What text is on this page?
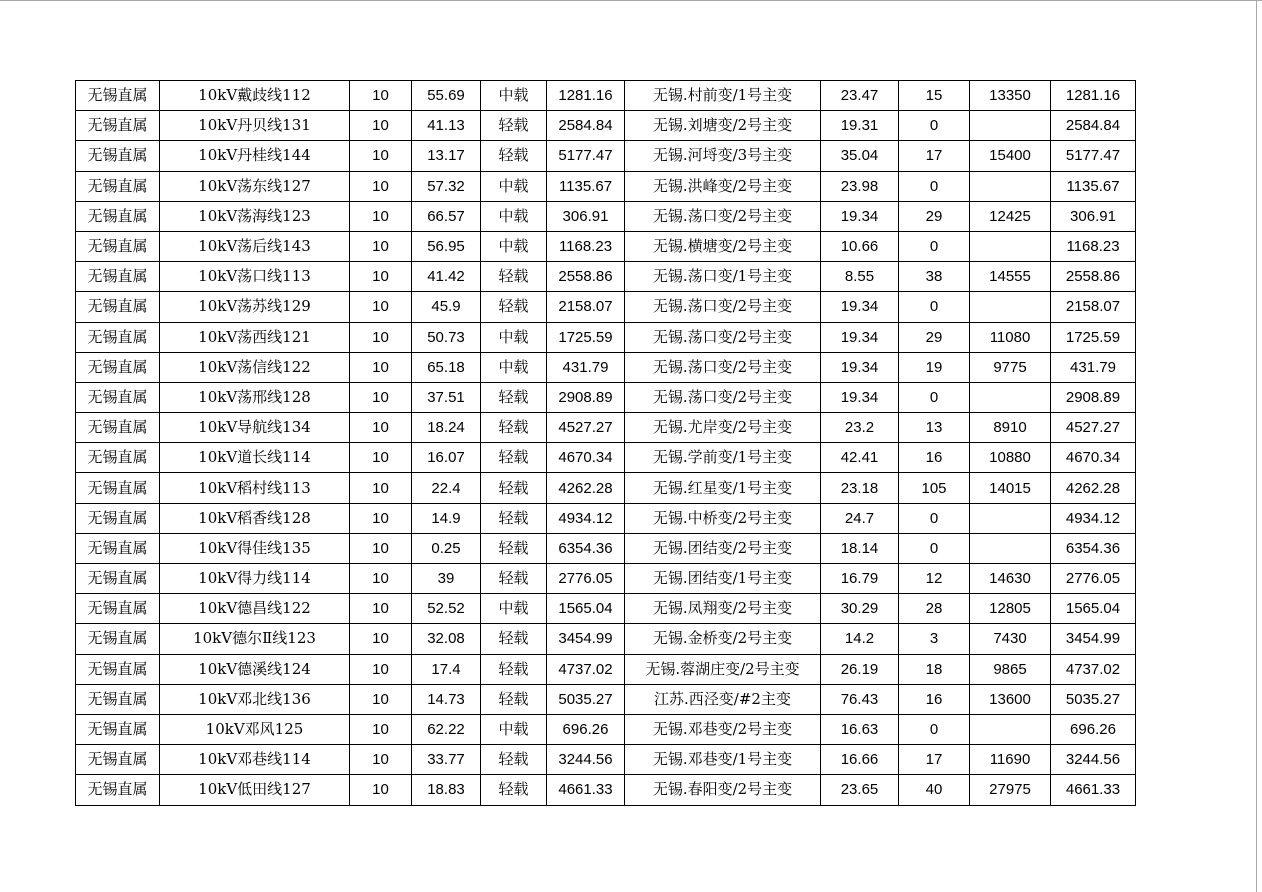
无锡直属	10kV戴歧线112	10	55.69	中载	1281.16	无锡.村前变/1号主变	23.47	15	13350	1281.16
无锡直属	10kV丹贝线131	10	41.13	轻载	2584.84	无锡.刘塘变/2号主变	19.31	0		2584.84
无锡直属	10kV丹桂线144	10	13.17	轻载	5177.47	无锡.河埒变/3号主变	35.04	17	15400	5177.47
无锡直属	10kV荡东线127	10	57.32	中载	1135.67	无锡.洪峰变/2号主变	23.98	0		1135.67
无锡直属	10kV荡海线123	10	66.57	中载	306.91	无锡.荡口变/2号主变	19.34	29	12425	306.91
无锡直属	10kV荡后线143	10	56.95	中载	1168.23	无锡.横塘变/2号主变	10.66	0		1168.23
无锡直属	10kV荡口线113	10	41.42	轻载	2558.86	无锡.荡口变/1号主变	8.55	38	14555	2558.86
无锡直属	10kV荡苏线129	10	45.9	轻载	2158.07	无锡.荡口变/2号主变	19.34	0		2158.07
无锡直属	10kV荡西线121	10	50.73	中载	1725.59	无锡.荡口变/2号主变	19.34	29	11080	1725.59
无锡直属	10kV荡信线122	10	65.18	中载	431.79	无锡.荡口变/2号主变	19.34	19	9775	431.79
无锡直属	10kV荡邢线128	10	37.51	轻载	2908.89	无锡.荡口变/2号主变	19.34	0		2908.89
无锡直属	10kV导航线134	10	18.24	轻载	4527.27	无锡.尤岸变/2号主变	23.2	13	8910	4527.27
无锡直属	10kV道长线114	10	16.07	轻载	4670.34	无锡.学前变/1号主变	42.41	16	10880	4670.34
无锡直属	10kV稻村线113	10	22.4	轻载	4262.28	无锡.红星变/1号主变	23.18	105	14015	4262.28
无锡直属	10kV稻香线128	10	14.9	轻载	4934.12	无锡.中桥变/2号主变	24.7	0		4934.12
无锡直属	10kV得佳线135	10	0.25	轻载	6354.36	无锡.团结变/2号主变	18.14	0		6354.36
无锡直属	10kV得力线114	10	39	轻载	2776.05	无锡.团结变/1号主变	16.79	12	14630	2776.05
无锡直属	10kV德昌线122	10	52.52	中载	1565.04	无锡.凤翔变/2号主变	30.29	28	12805	1565.04
无锡直属	10kV德尔Ⅱ线123	10	32.08	轻载	3454.99	无锡.金桥变/2号主变	14.2	3	7430	3454.99
无锡直属	10kV德溪线124	10	17.4	轻载	4737.02	无锡.蓉湖庄变/2号主变	26.19	18	9865	4737.02
无锡直属	10kV邓北线136	10	14.73	轻载	5035.27	江苏.西泾变/#2主变	76.43	16	13600	5035.27
无锡直属	10kV邓风125	10	62.22	中载	696.26	无锡.邓巷变/2号主变	16.63	0		696.26
无锡直属	10kV邓巷线114	10	33.77	轻载	3244.56	无锡.邓巷变/1号主变	16.66	17	11690	3244.56
无锡直属	10kV低田线127	10	18.83	轻载	4661.33	无锡.春阳变/2号主变	23.65	40	27975	4661.33
